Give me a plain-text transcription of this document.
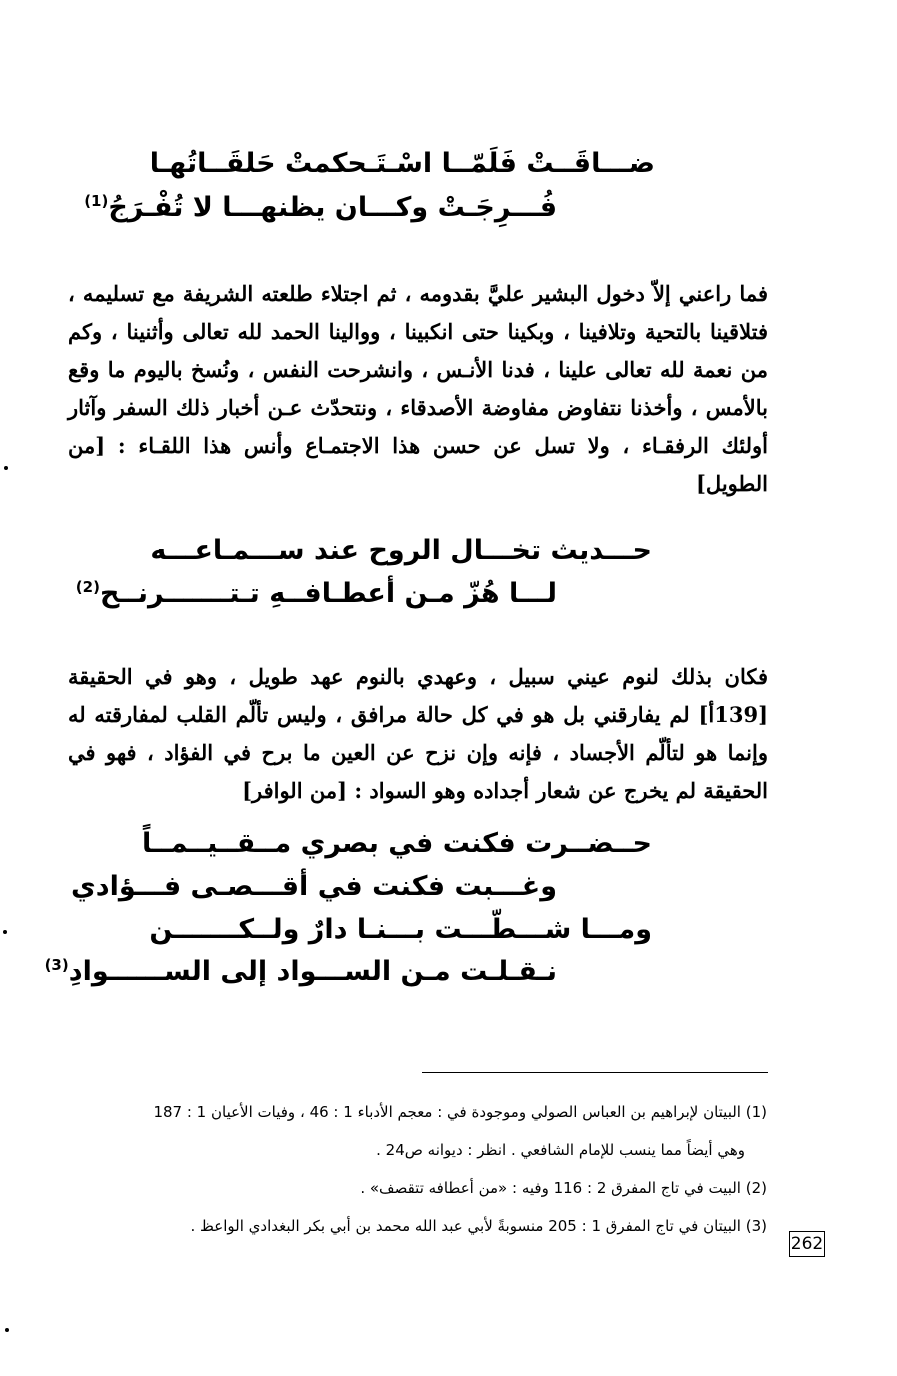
ضـــاقَــتْ فَلَمّــا اسْـتَـحكمتْ حَلقَــاتُهـا
فُـــرِجَـتْ وكـــان يظنهـــا لا تُفْـرَجُ$^{(1)}$

فما راعني إلاّ دخول البشير عليَّ بقدومه ، ثم اجتلاء طلعته الشريفة مع تسليمه ، فتلاقينا بالتحية وتلافينا ، وبكينا حتى انكبينا ، ووالينا الحمد لله تعالى وأثنينا ، وكم من نعمة لله تعالى علينا ، فدنا الأنـس ، وانشرحت النفس ، ونُسخ باليوم ما وقع بالأمس ، وأخذنا نتفاوض مفاوضة الأصدقاء ، ونتحدّث عـن أخبار ذلك السفر وآثار أولئك الرفقـاء ، ولا تسل عن حسن هذا الاجتمـاع وأنس هذا اللقـاء : [من الطويل]

حـــديث تخـــال الروح عند ســـمـاعـــه
لـــا هُزّ مـن أعطـافــهِ تـتـــــــرنــح$^{(2)}$

فكان بذلك لنوم عيني سبيل ، وعهدي بالنوم عهد طويل ، وهو في الحقيقة [139أ] لم يفارقني بل هو في كل حالة مرافق ، وليس تألّم القلب لمفارقته له وإنما هو لتألّم الأجساد ، فإنه وإن نزح عن العين ما برح في الفؤاد ، فهو في الحقيقة لم يخرج عن شعار أجداده وهو السواد : [من الوافر]

حــضــرت فكنت في بصري مــقــيــمــاً
وغـــبت فكنت في أقـــصـى فـــؤادي
ومـــا شـــطّـــت بـــنـا دارٌ ولــكـــــــن
نـقـلـت مـن الســـواد إلى الســــــوادِ$^{(3)}$
(1) البيتان لإبراهيم بن العباس الصولي وموجودة في : معجم الأدباء 1 : 46 ، وفيات الأعيان 1 : 187
وهي أيضاً مما ينسب للإمام الشافعي . انظر : ديوانه ص24 .
(2) البيت في تاج المفرق 2 : 116 وفيه : «من أعطافه تتقصف» .
(3) البيتان في تاج المفرق 1 : 205 منسوبةً لأبي عبد الله محمد بن أبي بكر البغدادي الواعظ .
262
